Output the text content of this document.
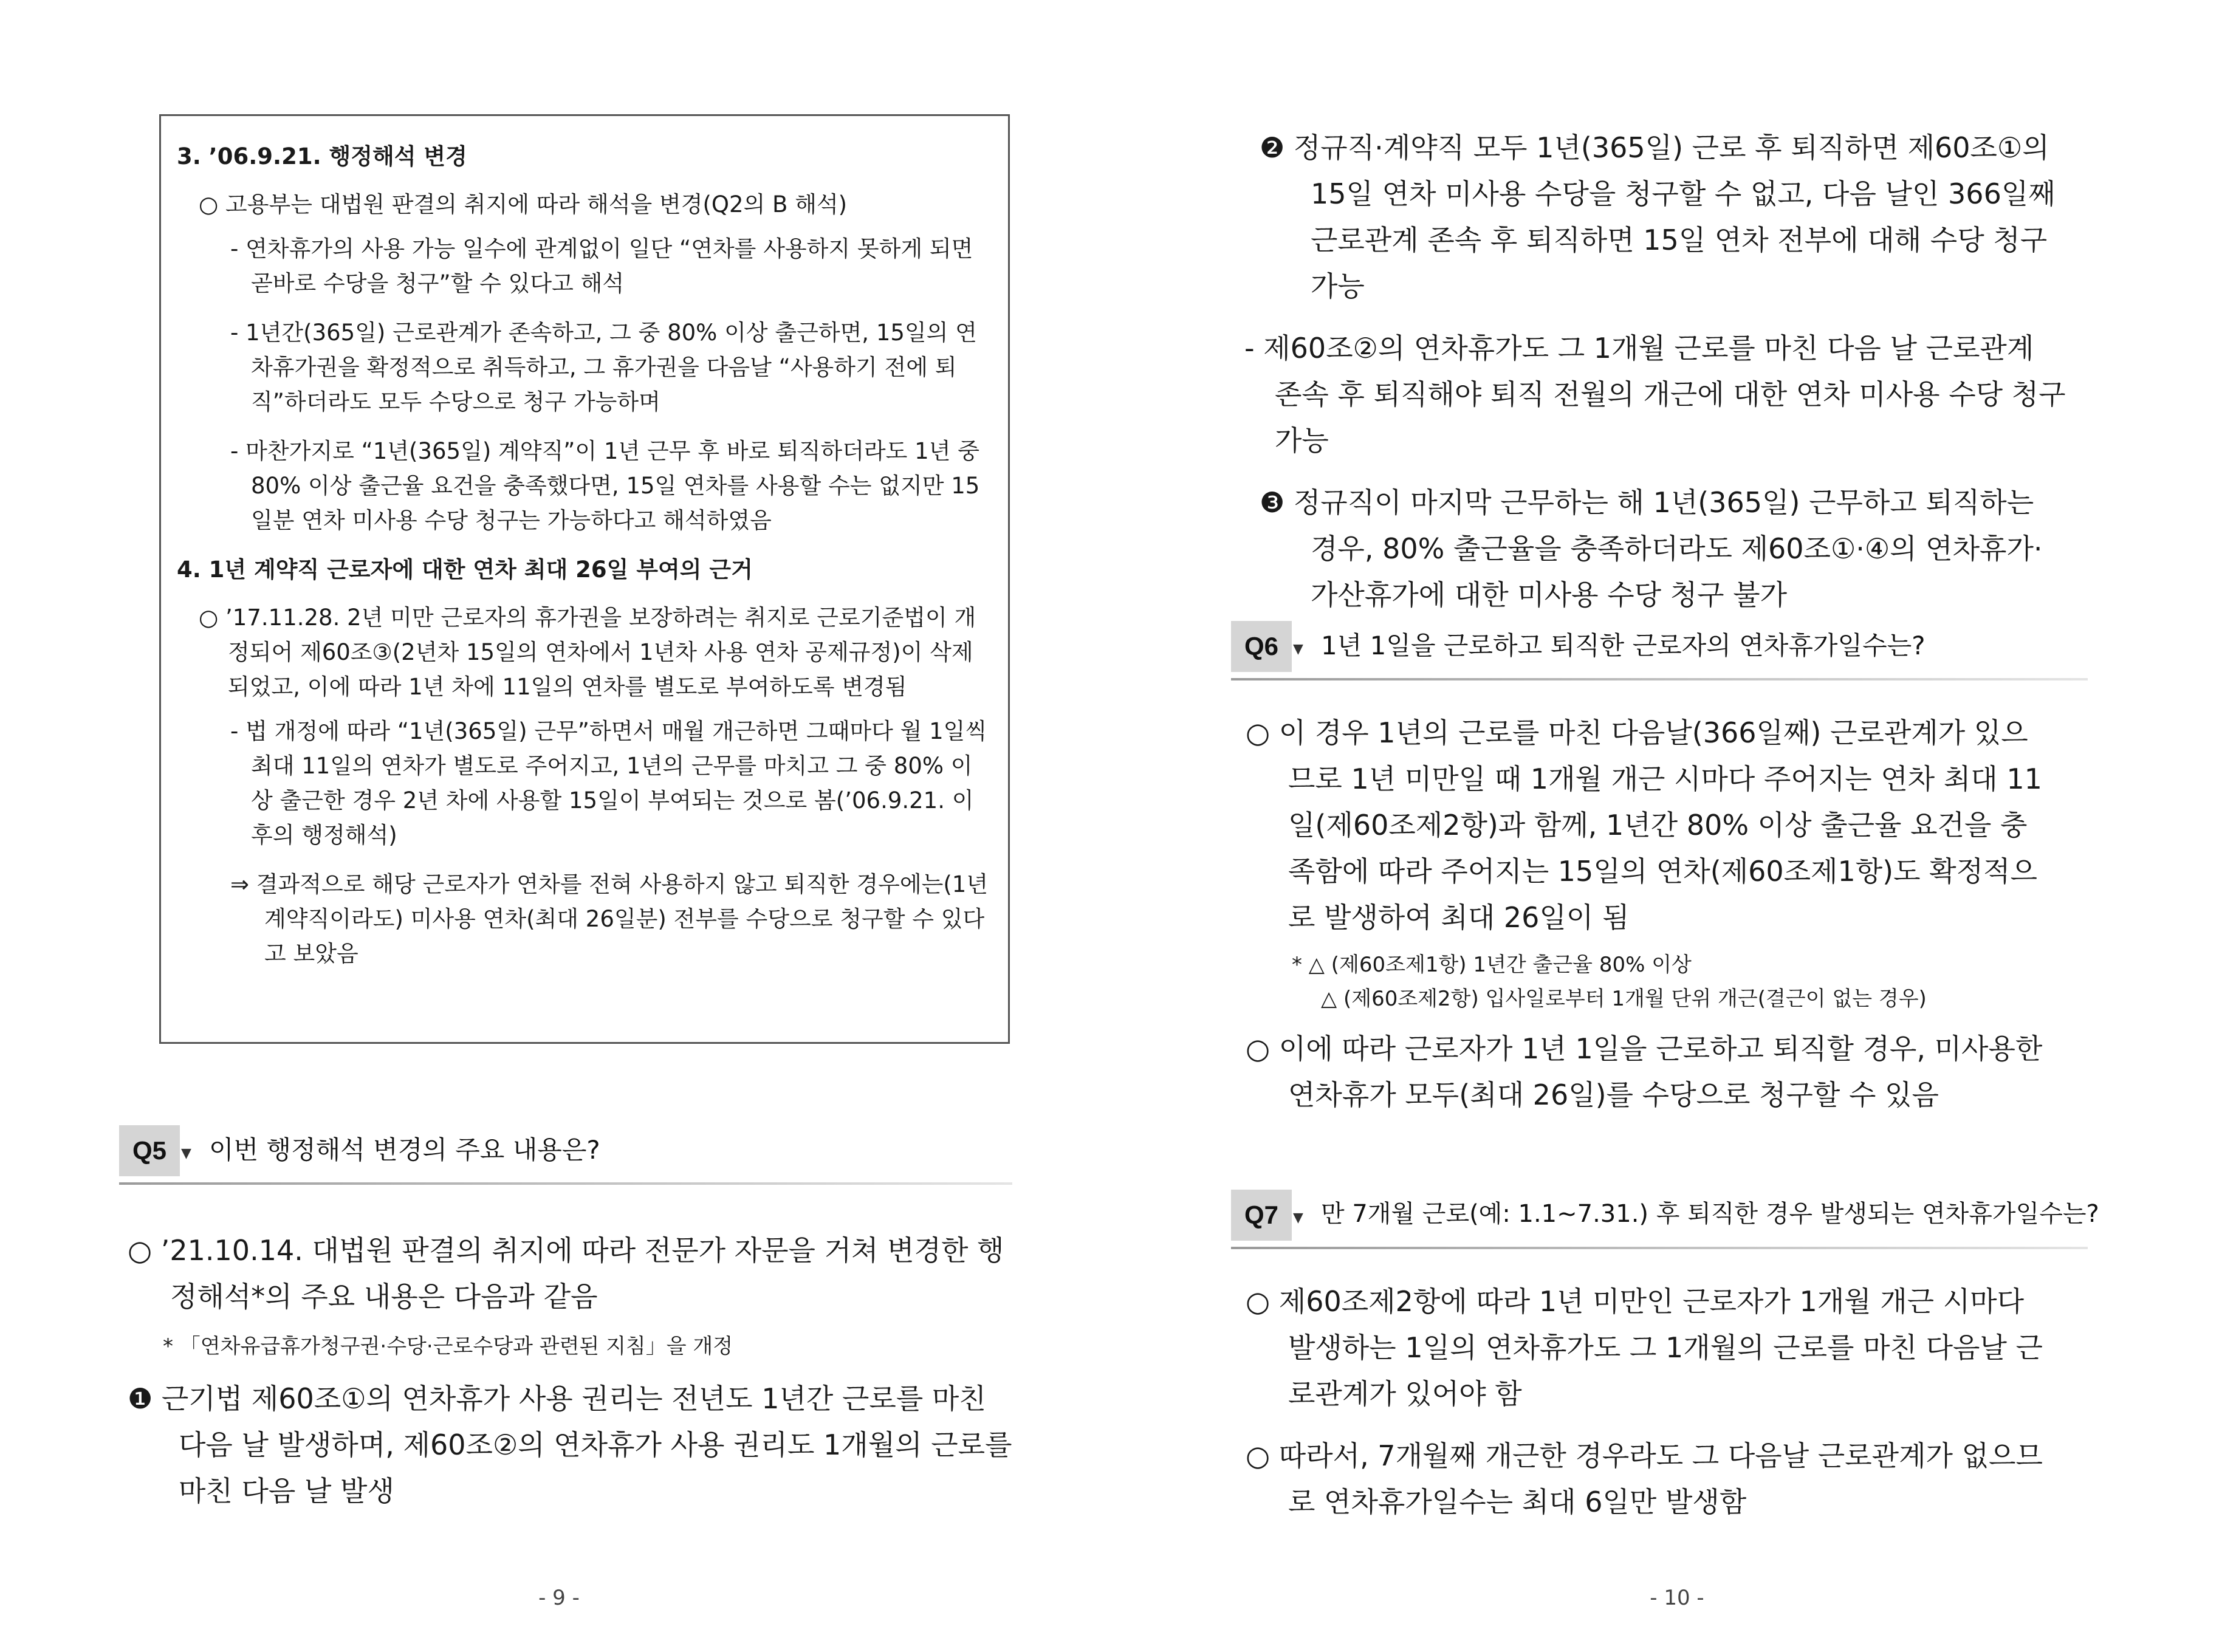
3. ’06.9.21. 행정해석 변경

○ 고용부는 대법원 판결의 취지에 따라 해석을 변경(Q2의 B 해석)

- 연차휴가의 사용 가능 일수에 관계없이 일단 “연차를 사용하지 못하게 되면 곧바로 수당을 청구”할 수 있다고 해석

- 1년간(365일) 근로관계가 존속하고, 그 중 80% 이상 출근하면, 15일의 연차휴가권을 확정적으로 취득하고, 그 휴가권을 다음날 “사용하기 전에 퇴직”하더라도 모두 수당으로 청구 가능하며

- 마찬가지로 “1년(365일) 계약직”이 1년 근무 후 바로 퇴직하더라도 1년 중 80% 이상 출근율 요건을 충족했다면, 15일 연차를 사용할 수는 없지만 15일분 연차 미사용 수당 청구는 가능하다고 해석하였음

4. 1년 계약직 근로자에 대한 연차 최대 26일 부여의 근거

○ ’17.11.28. 2년 미만 근로자의 휴가권을 보장하려는 취지로 근로기준법이 개정되어 제60조③(2년차 15일의 연차에서 1년차 사용 연차 공제규정)이 삭제되었고, 이에 따라 1년 차에 11일의 연차를 별도로 부여하도록 변경됨

- 법 개정에 따라 “1년(365일) 근무”하면서 매월 개근하면 그때마다 월 1일씩 최대 11일의 연차가 별도로 주어지고, 1년의 근무를 마치고 그 중 80% 이상 출근한 경우 2년 차에 사용할 15일이 부여되는 것으로 봄(’06.9.21. 이후의 행정해석)

⇒ 결과적으로 해당 근로자가 연차를 전혀 사용하지 않고 퇴직한 경우에는(1년 계약직이라도) 미사용 연차(최대 26일분) 전부를 수당으로 청구할 수 있다고 보았음

Q5	▼ 이번 행정해석 변경의 주요 내용은?

○ ’21.10.14. 대법원 판결의 취지에 따라 전문가 자문을 거쳐 변경한 행정해석*의 주요 내용은 다음과 같음

* 「연차유급휴가청구권·수당·근로수당과 관련된 지침」을 개정

❶ 근기법 제60조①의 연차휴가 사용 권리는 전년도 1년간 근로를 마친 다음 날 발생하며, 제60조②의 연차휴가 사용 권리도 1개월의 근로를 마친 다음 날 발생

- 9 -

❷ 정규직·계약직 모두 1년(365일) 근로 후 퇴직하면 제60조①의 15일 연차 미사용 수당을 청구할 수 없고, 다음 날인 366일째 근로관계 존속 후 퇴직하면 15일 연차 전부에 대해 수당 청구 가능

- 제60조②의 연차휴가도 그 1개월 근로를 마친 다음 날 근로관계 존속 후 퇴직해야 퇴직 전월의 개근에 대한 연차 미사용 수당 청구 가능

❸ 정규직이 마지막 근무하는 해 1년(365일) 근무하고 퇴직하는 경우, 80% 출근율을 충족하더라도 제60조①·④의 연차휴가·가산휴가에 대한 미사용 수당 청구 불가

Q6	▼ 1년 1일을 근로하고 퇴직한 근로자의 연차휴가일수는?

○ 이 경우 1년의 근로를 마친 다음날(366일째) 근로관계가 있으므로 1년 미만일 때 1개월 개근 시마다 주어지는 연차 최대 11일(제60조제2항)과 함께, 1년간 80% 이상 출근율 요건을 충족함에 따라 주어지는 15일의 연차(제60조제1항)도 확정적으로 발생하여 최대 26일이 됨

* △ (제60조제1항) 1년간 출근율 80% 이상

△ (제60조제2항) 입사일로부터 1개월 단위 개근(결근이 없는 경우)

○ 이에 따라 근로자가 1년 1일을 근로하고 퇴직할 경우, 미사용한 연차휴가 모두(최대 26일)를 수당으로 청구할 수 있음

Q7	▼ 만 7개월 근로(예: 1.1~7.31.) 후 퇴직한 경우 발생되는 연차휴가일수는?

○ 제60조제2항에 따라 1년 미만인 근로자가 1개월 개근 시마다 발생하는 1일의 연차휴가도 그 1개월의 근로를 마친 다음날 근로관계가 있어야 함

○ 따라서, 7개월째 개근한 경우라도 그 다음날 근로관계가 없으므로 연차휴가일수는 최대 6일만 발생함

- 10 -
